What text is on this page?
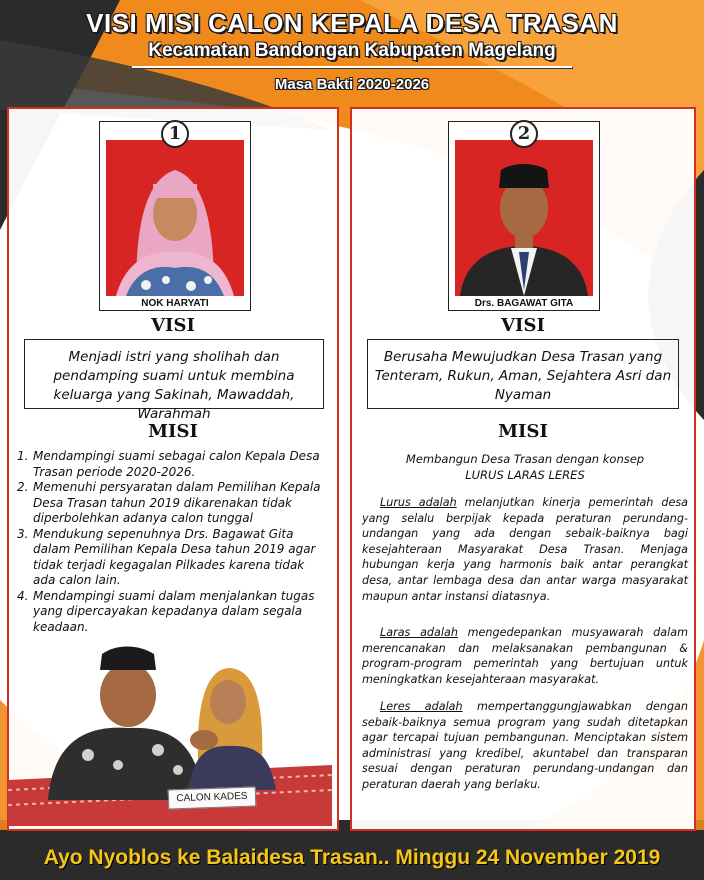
VISI MISI CALON KEPALA DESA TRASAN
Kecamatan Bandongan Kabupaten Magelang
Masa Bakti 2020-2026
1
NOK HARYATI
VISI
Menjadi istri yang sholihah dan pendamping suami untuk membina keluarga yang Sakinah, Mawaddah, Warahmah
MISI
1. Mendampingi suami sebagai calon Kepala Desa Trasan periode 2020-2026.
2. Memenuhi persyaratan dalam Pemilihan Kepala Desa Trasan tahun 2019 dikarenakan tidak diperbolehkan adanya calon tunggal
3. Mendukung sepenuhnya Drs. Bagawat Gita dalam Pemilihan Kepala Desa tahun 2019 agar tidak terjadi kegagalan Pilkades karena tidak ada calon lain.
4. Mendampingi suami dalam menjalankan tugas yang dipercayakan kepadanya dalam segala keadaan.
CALON KADES
2
Drs. BAGAWAT GITA
VISI
Berusaha Mewujudkan Desa Trasan yang Tenteram, Rukun, Aman, Sejahtera Asri dan Nyaman
MISI
Membangun Desa Trasan dengan konsep
LURUS LARAS LERES
Lurus adalah melanjutkan kinerja pemerintah desa yang selalu berpijak kepada peraturan perundang-undangan yang ada dengan sebaik-baiknya bagi kesejahteraan Masyarakat Desa Trasan. Menjaga hubungan kerja yang harmonis baik antar perangkat desa, antar lembaga desa dan antar warga masyarakat maupun antar instansi diatasnya.
Laras adalah mengedepankan musyawarah dalam merencanakan dan melaksanakan pembangunan & program-program pemerintah yang bertujuan untuk meningkatkan kesejahteraan masyarakat.
Leres adalah mempertanggungjawabkan dengan sebaik-baiknya semua program yang sudah ditetapkan agar tercapai tujuan pembangunan. Menciptakan sistem administrasi yang kredibel, akuntabel dan transparan sesuai dengan peraturan perundang-undangan dan peraturan daerah yang berlaku.
Ayo Nyoblos ke Balaidesa Trasan.. Minggu 24 November 2019
